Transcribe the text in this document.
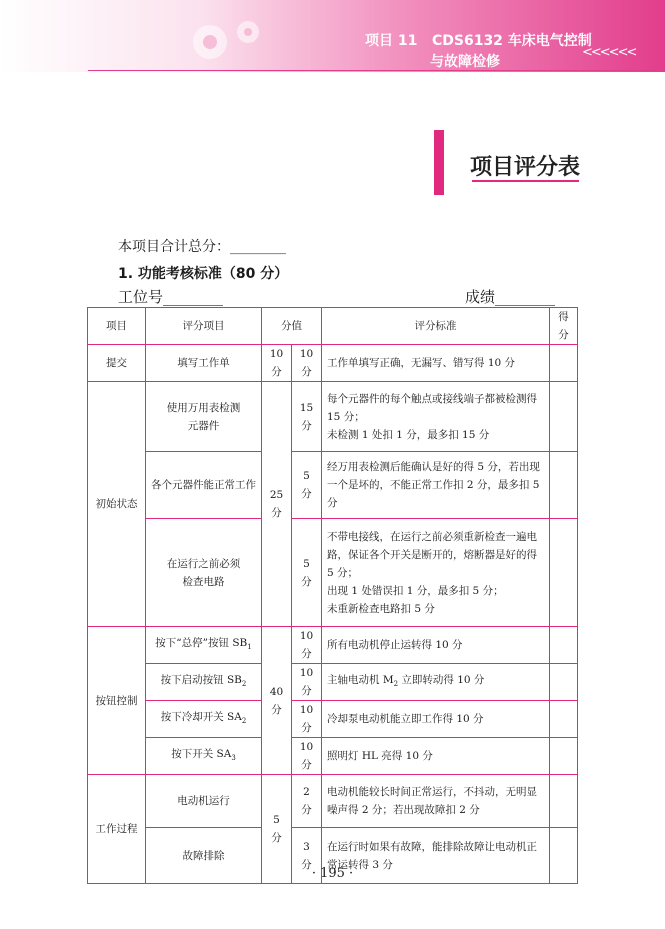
项目 11 CDS6132 车床电气控制
与故障检修
<<<<<<
项目评分表
本项目合计总分：________
1. 功能考核标准（80 分）
工位号________	成绩________
项目	评分项目	分值		评分标准	得分
提交	填写工作单	10 分	10 分	工作单填写正确，无漏写、错写得 10 分	
初始状态	使用万用表检测
元器件	25 分	15 分	每个元器件的每个触点或接线端子都被检测得 15 分；
未检测 1 处扣 1 分，最多扣 15 分	
	各个元器件能正常工作		5 分	经万用表检测后能确认是好的得 5 分，若出现一个是坏的，不能正常工作扣 2 分，最多扣 5 分	
	在运行之前必须
检查电路		5 分	不带电接线，在运行之前必须重新检查一遍电路，保证各个开关是断开的，熔断器是好的得 5 分；
出现 1 处错误扣 1 分，最多扣 5 分；
未重新检查电路扣 5 分	
按钮控制	按下“总停”按钮 $SB_1$	40 分	10 分	所有电动机停止运转得 10 分	
	按下启动按钮 $SB_2$		10 分	主轴电动机 $M_2$ 立即转动得 10 分	
	按下冷却开关 $SA_2$		10 分	冷却泵电动机能立即工作得 10 分	
	按下开关 $SA_3$		10 分	照明灯 HL 亮得 10 分	
工作过程	电动机运行	5 分	2 分	电动机能较长时间正常运行，不抖动，无明显噪声得 2 分；若出现故障扣 2 分	
	故障排除		3 分	在运行时如果有故障，能排除故障让电动机正常运转得 3 分	
· 195 ·
